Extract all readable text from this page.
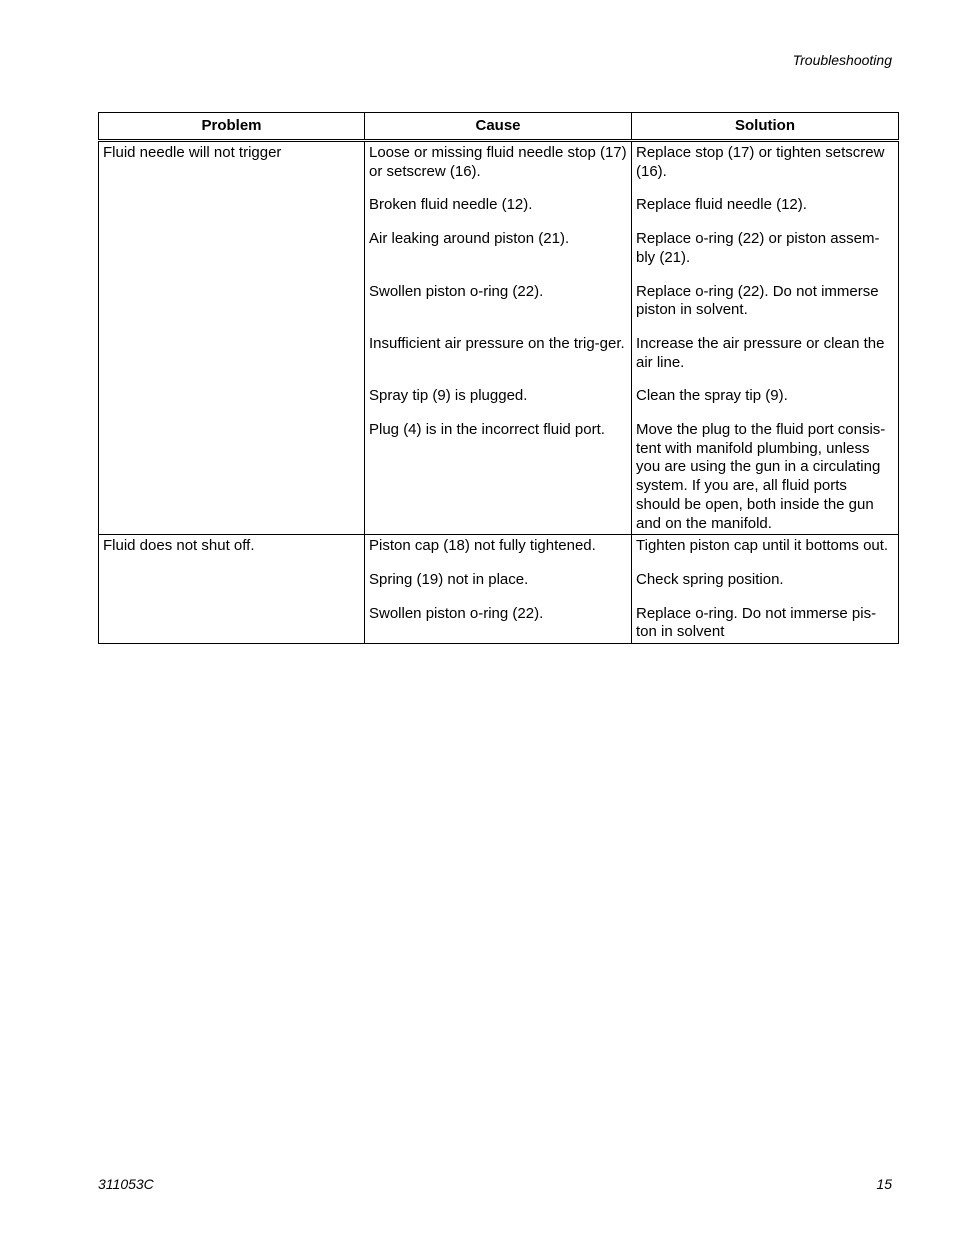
Troubleshooting
Problem	Cause	Solution
Fluid needle will not trigger	Loose or missing fluid needle stop (17) or setscrew (16).	Replace stop (17) or tighten setscrew (16).
	Broken fluid needle (12).	Replace fluid needle (12).
	Air leaking around piston (21).	Replace o-ring (22) or piston assem-bly (21).
	Swollen piston o-ring (22).	Replace o-ring (22). Do not immerse piston in solvent.
	Insufficient air pressure on the trig-ger.	Increase the air pressure or clean the air line.
	Spray tip (9) is plugged.	Clean the spray tip (9).
	Plug (4) is in the incorrect fluid port.	Move the plug to the fluid port consis-tent with manifold plumbing, unless you are using the gun in a circulating system. If you are, all fluid ports should be open, both inside the gun and on the manifold.
Fluid does not shut off.	Piston cap (18) not fully tightened.	Tighten piston cap until it bottoms out.
	Spring (19) not in place.	Check spring position.
	Swollen piston o-ring (22).	Replace o-ring. Do not immerse pis-ton in solvent
311053C	15
